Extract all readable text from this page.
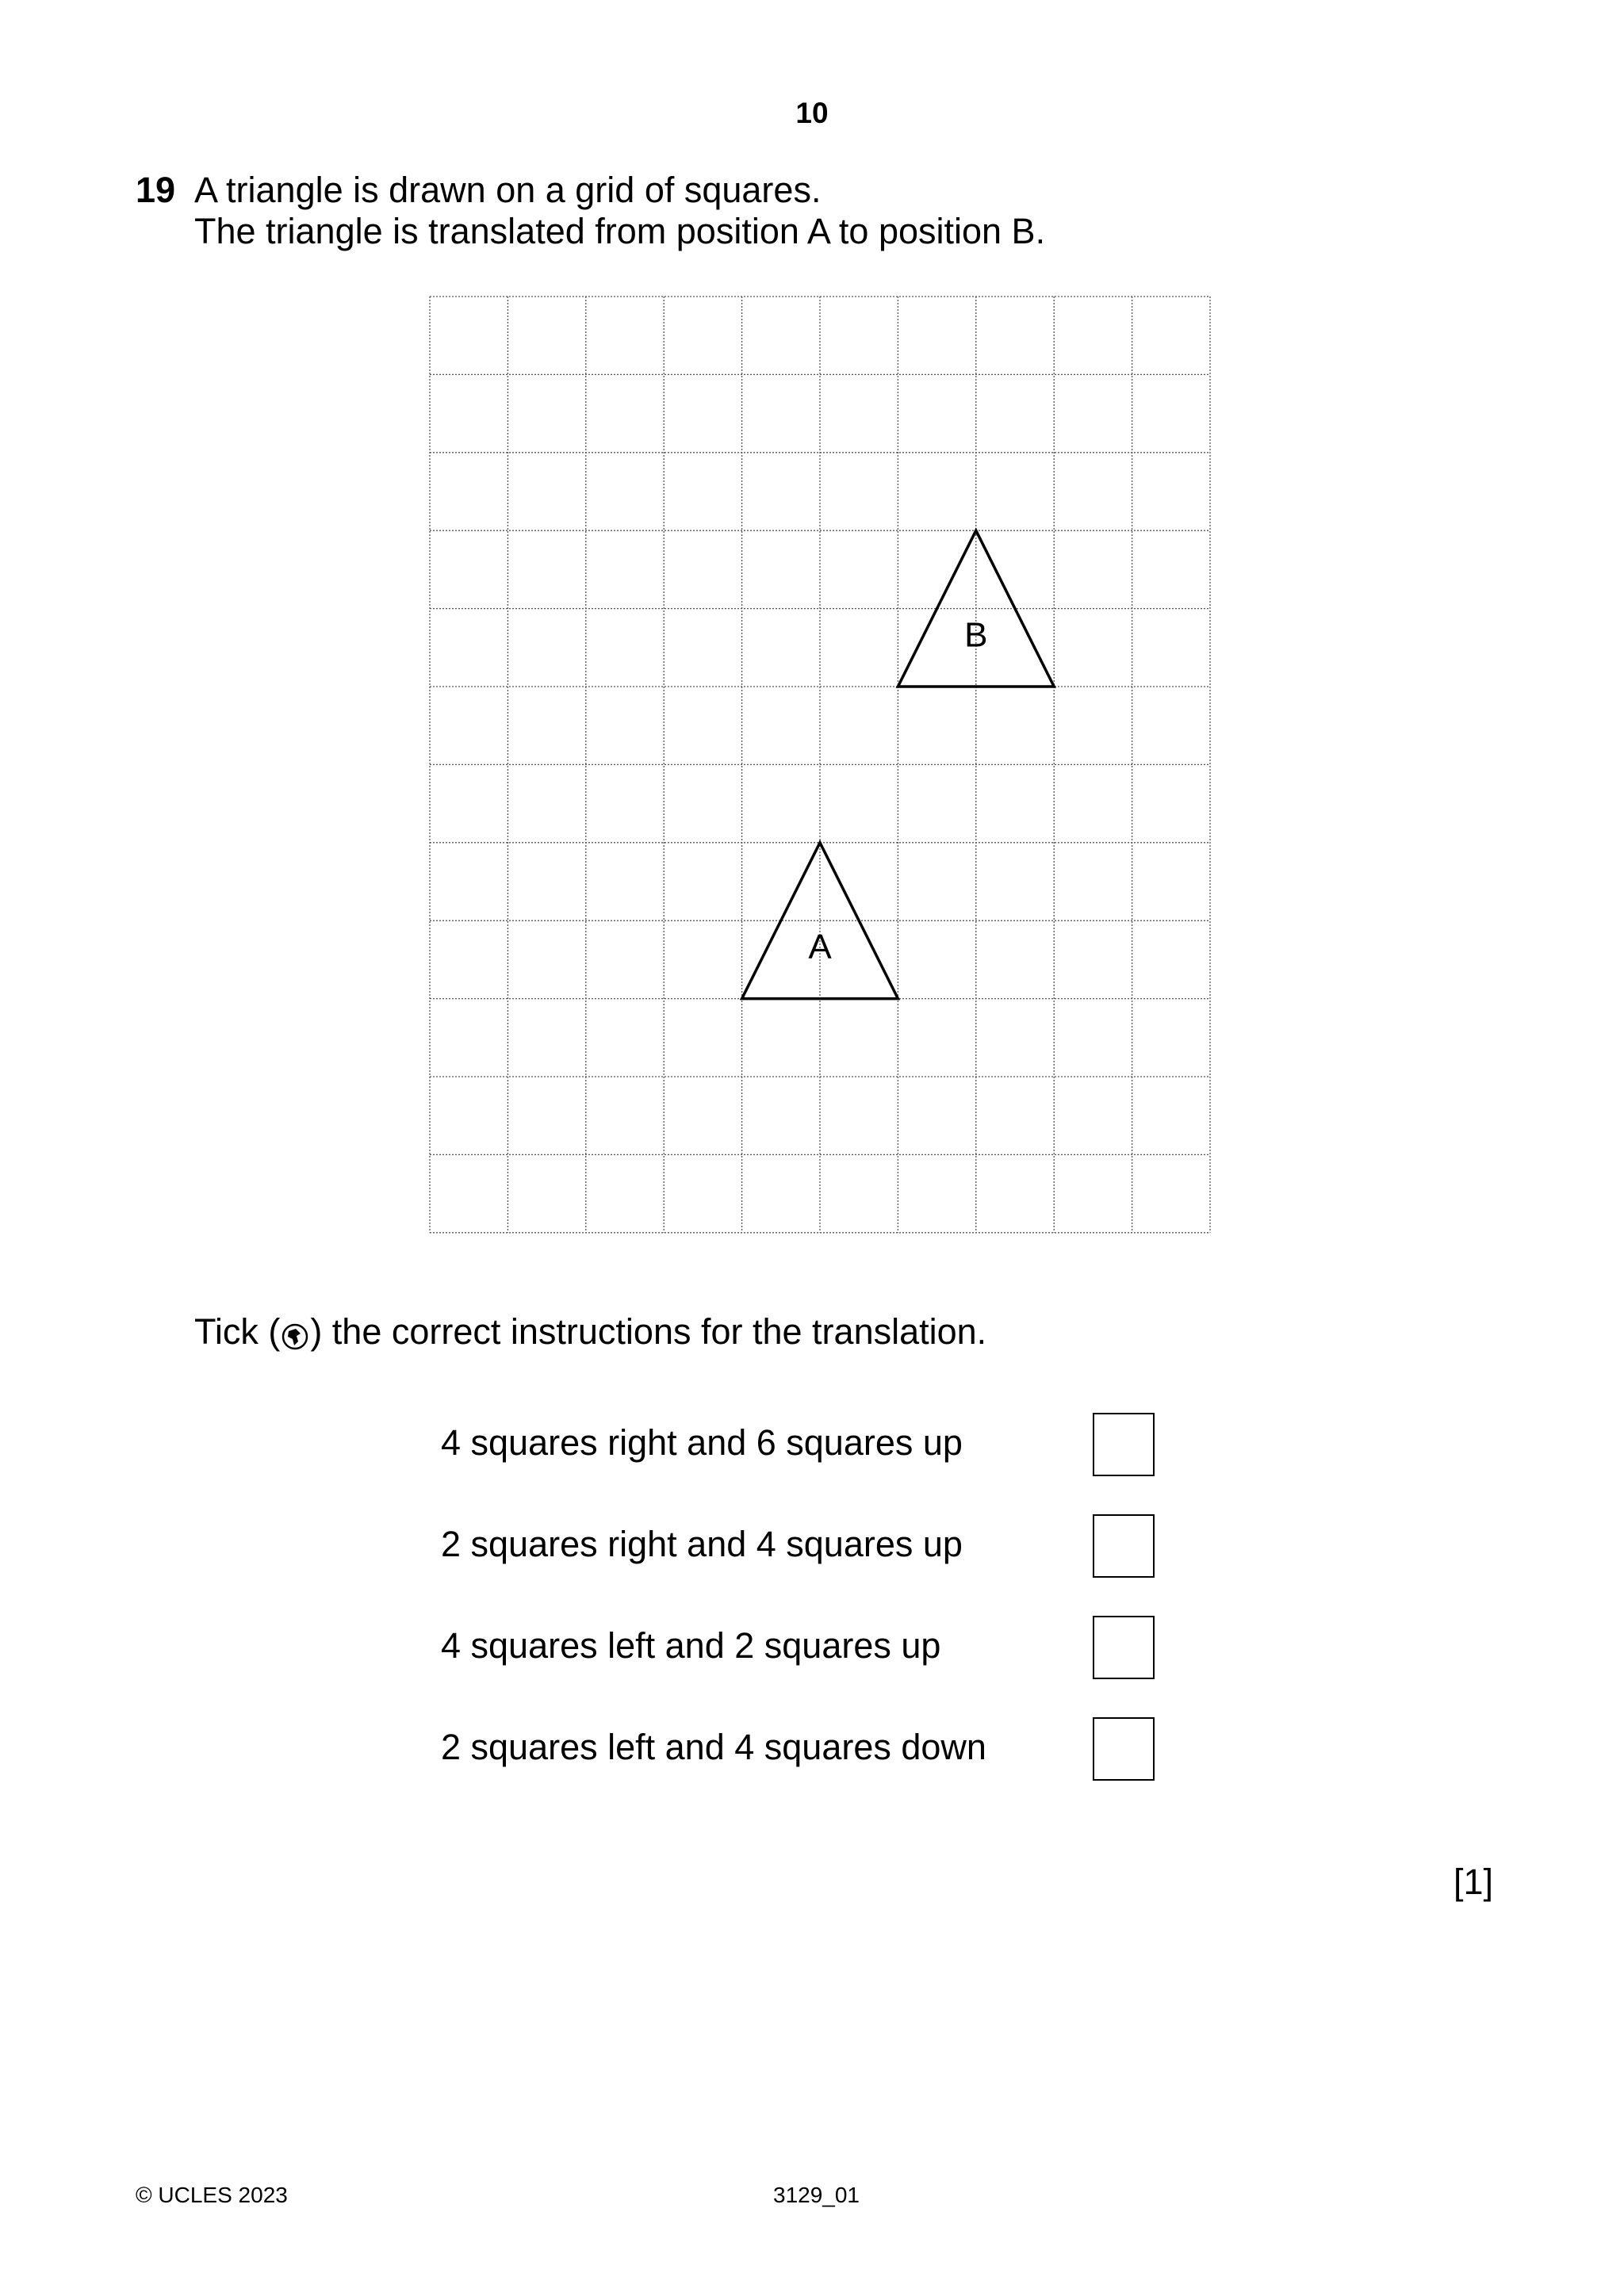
10
19 A triangle is drawn on a grid of squares.
The triangle is translated from position A to position B.
A
B
Tick ( ) the correct instructions for the translation.
4 squares right and 6 squares up
2 squares right and 4 squares up
4 squares left and 2 squares up
2 squares left and 4 squares down
[1]
© UCLES 2023	3129_01
